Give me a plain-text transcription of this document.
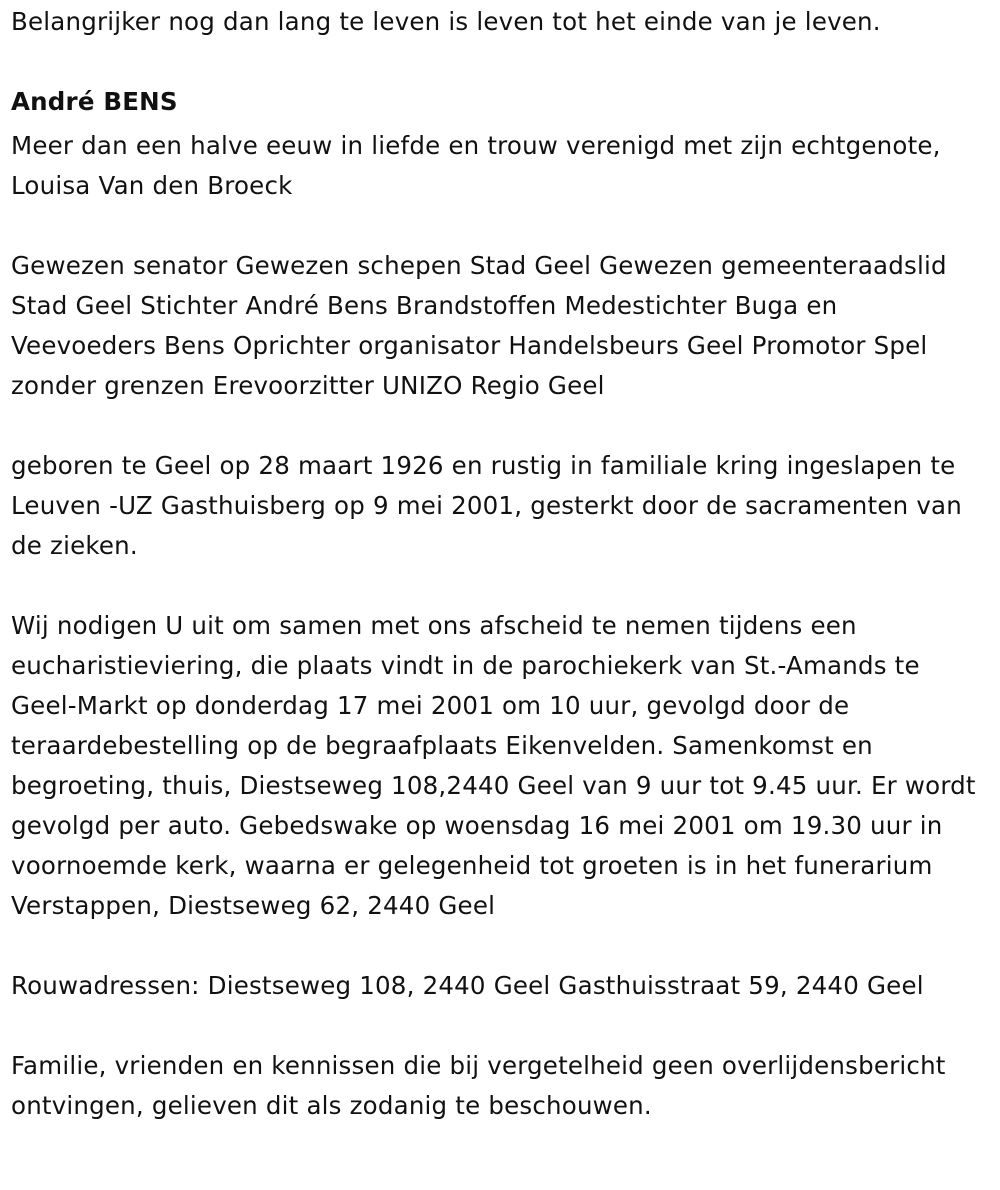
Belangrijker nog dan lang te leven is leven tot het einde van je leven.

André BENS

Meer dan een halve eeuw in liefde en trouw verenigd met zijn echtgenote, Louisa Van den Broeck

Gewezen senator Gewezen schepen Stad Geel Gewezen gemeenteraadslid Stad Geel Stichter André Bens Brandstoffen Medestichter Buga en Veevoeders Bens Oprichter organisator Handelsbeurs Geel Promotor Spel zonder grenzen Erevoorzitter UNIZO Regio Geel

geboren te Geel op 28 maart 1926 en rustig in familiale kring ingeslapen te Leuven -UZ Gasthuisberg op 9 mei 2001, gesterkt door de sacramenten van de zieken.

Wij nodigen U uit om samen met ons afscheid te nemen tijdens een eucharistieviering, die plaats vindt in de parochiekerk van St.-Amands te Geel-Markt op donderdag 17 mei 2001 om 10 uur, gevolgd door de teraardebestelling op de begraafplaats Eikenvelden. Samenkomst en begroeting, thuis, Diestseweg 108,2440 Geel van 9 uur tot 9.45 uur. Er wordt gevolgd per auto. Gebedswake op woensdag 16 mei 2001 om 19.30 uur in voornoemde kerk, waarna er gelegenheid tot groeten is in het funerarium Verstappen, Diestseweg 62, 2440 Geel

Rouwadressen: Diestseweg 108, 2440 Geel Gasthuisstraat 59, 2440 Geel

Familie, vrienden en kennissen die bij vergetelheid geen overlijdensbericht ontvingen, gelieven dit als zodanig te beschouwen.
